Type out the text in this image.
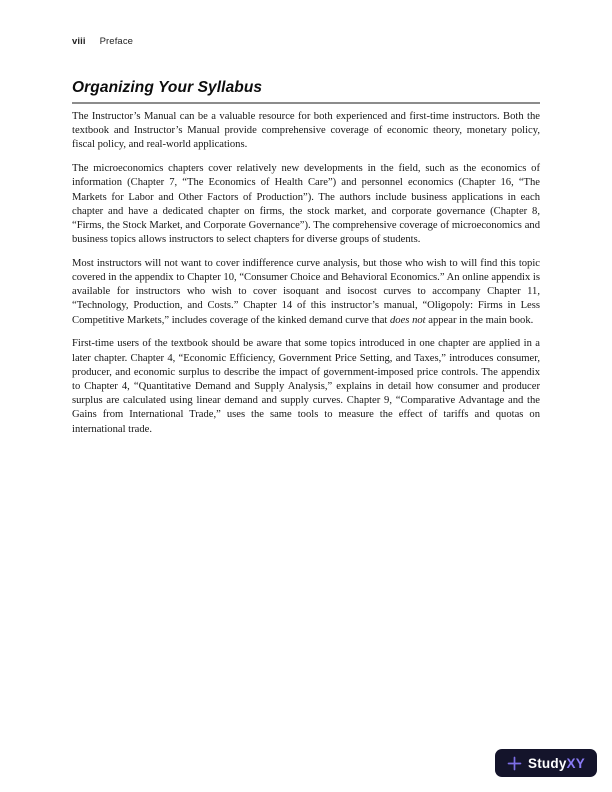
viii Preface
Organizing Your Syllabus

The Instructor’s Manual can be a valuable resource for both experienced and first-time instructors. Both the textbook and Instructor’s Manual provide comprehensive coverage of economic theory, monetary policy, fiscal policy, and real-world applications.

The microeconomics chapters cover relatively new developments in the field, such as the economics of information (Chapter 7, “The Economics of Health Care”) and personnel economics (Chapter 16, “The Markets for Labor and Other Factors of Production”). The authors include business applications in each chapter and have a dedicated chapter on firms, the stock market, and corporate governance (Chapter 8, “Firms, the Stock Market, and Corporate Governance”). The comprehensive coverage of microeconomics and business topics allows instructors to select chapters for diverse groups of students.

Most instructors will not want to cover indifference curve analysis, but those who wish to will find this topic covered in the appendix to Chapter 10, “Consumer Choice and Behavioral Economics.” An online appendix is available for instructors who wish to cover isoquant and isocost curves to accompany Chapter 11, “Technology, Production, and Costs.” Chapter 14 of this instructor’s manual, “Oligopoly: Firms in Less Competitive Markets,” includes coverage of the kinked demand curve that does not appear in the main book.

First-time users of the textbook should be aware that some topics introduced in one chapter are applied in a later chapter. Chapter 4, “Economic Efficiency, Government Price Setting, and Taxes,” introduces consumer, producer, and economic surplus to describe the impact of government-imposed price controls. The appendix to Chapter 4, “Quantitative Demand and Supply Analysis,” explains in detail how consumer and producer surplus are calculated using linear demand and supply curves. Chapter 9, “Comparative Advantage and the Gains from International Trade,” uses the same tools to measure the effect of tariffs and quotas on international trade.

StudyXY
